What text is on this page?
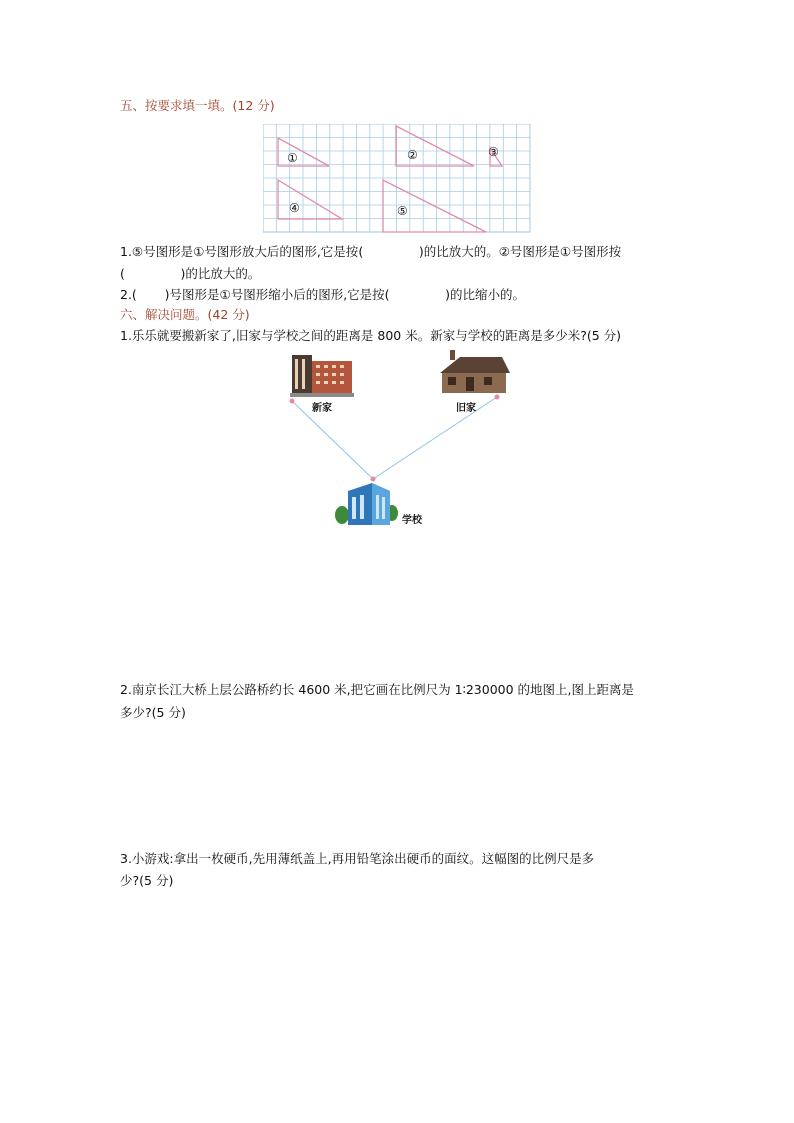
五、按要求填一填。(12 分)
①	②	③
④	⑤
1.⑤号图形是①号图形放大后的图形,它是按(              )的比放大的。②号图形是①号图形按
(              )的比放大的。
2.(       )号图形是①号图形缩小后的图形,它是按(              )的比缩小的。
六、解决问题。(42 分)
1.乐乐就要搬新家了,旧家与学校之间的距离是 800 米。新家与学校的距离是多少米?(5 分)
新家	旧家
学校
2.南京长江大桥上层公路桥约长 4600 米,把它画在比例尺为 1∶230000 的地图上,图上距离是
多少?(5 分)
3.小游戏:拿出一枚硬币,先用薄纸盖上,再用铅笔涂出硬币的面纹。这幅图的比例尺是多
少?(5 分)
